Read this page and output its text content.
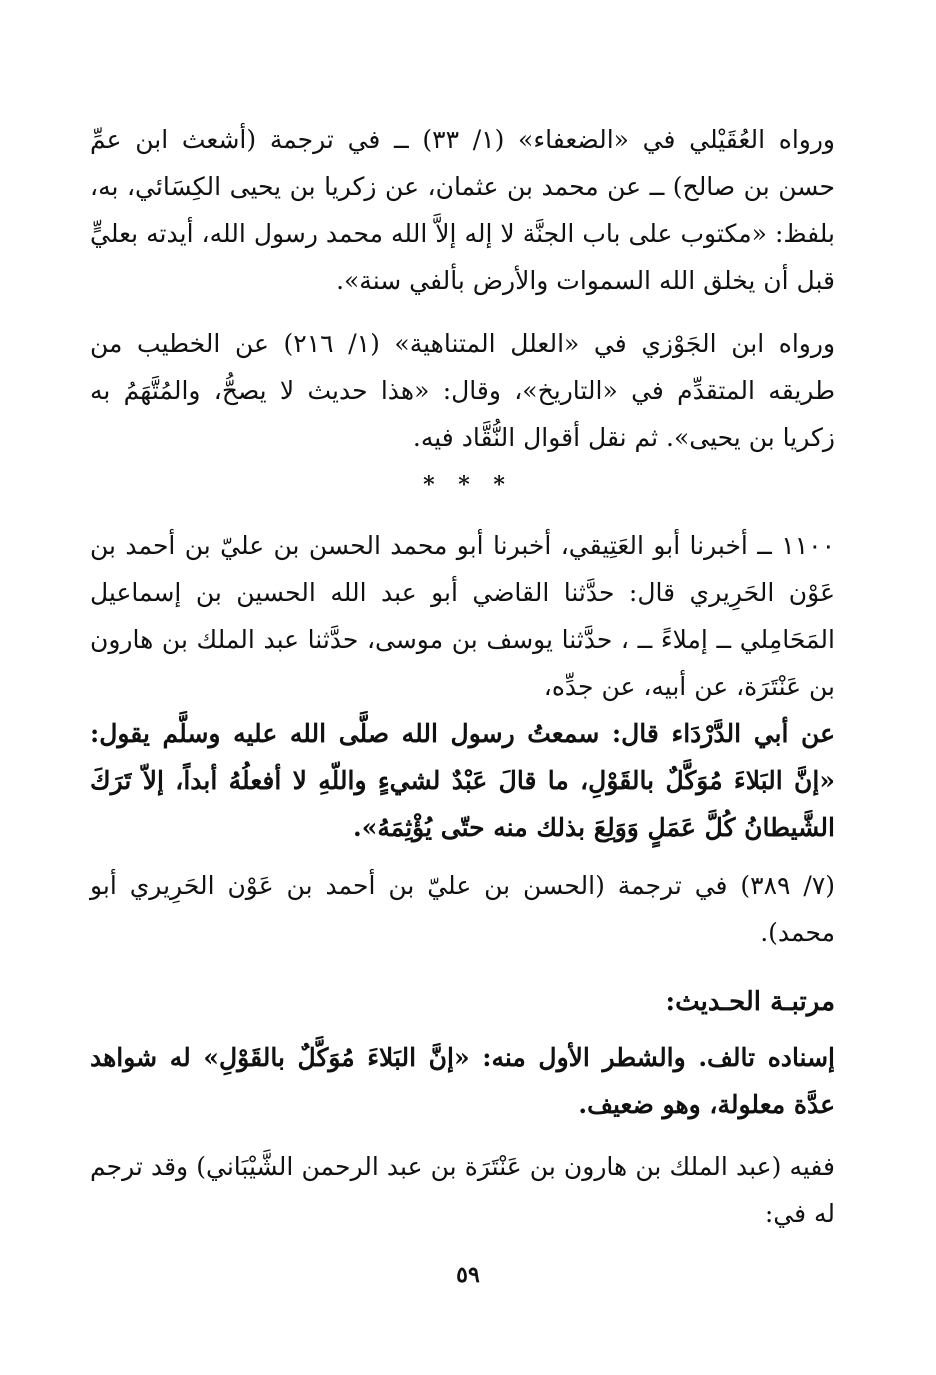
ورواه العُقَيْلي في «الضعفاء» (١/ ٣٣) ــ في ترجمة (أشعث ابن عمِّ حسن بن صالح) ــ عن محمد بن عثمان، عن زكريا بن يحيى الكِسَائي، به، بلفظ: «مكتوب على باب الجنَّة لا إله إلاَّ الله محمد رسول الله، أيدته بعليٍّ قبل أن يخلق الله السموات والأرض بألفي سنة».

ورواه ابن الجَوْزي في «العلل المتناهية» (١/ ٢١٦) عن الخطيب من طريقه المتقدِّم في «التاريخ»، وقال: «هذا حديث لا يصحُّ، والمُتَّهَمُ به زكريا بن يحيى». ثم نقل أقوال النُّقَّاد فيه.

* * *

١١٠٠ ــ أخبرنا أبو العَتِيقي، أخبرنا أبو محمد الحسن بن عليّ بن أحمد بن عَوْن الحَرِيري قال: حدَّثنا القاضي أبو عبد الله الحسين بن إسماعيل المَحَامِلي ــ إملاءً ــ ، حدَّثنا يوسف بن موسى، حدَّثنا عبد الملك بن هارون بن عَنْتَرَة، عن أبيه، عن جدِّه،

عن أبي الدَّرْدَاء قال: سمعتُ رسول الله صلَّى الله عليه وسلَّم يقول: «إنَّ البَلاءَ مُوَكَّلٌ بالقَوْلِ، ما قالَ عَبْدٌ لشيءٍ واللّهِ لا أفعلُهُ أبداً، إلاّ تَرَكَ الشَّيطانُ كُلَّ عَمَلٍ وَوَلِعَ بذلك منه حتّى يُؤْثِمَهُ».

(٧/ ٣٨٩) في ترجمة (الحسن بن عليّ بن أحمد بن عَوْن الحَرِيري أبو محمد).

مرتبـة الحـديث:

إسناده تالف. والشطر الأول منه: «إنَّ البَلاءَ مُوَكَّلٌ بالقَوْلِ» له شواهد عدَّة معلولة، وهو ضعيف.

ففيه (عبد الملك بن هارون بن عَنْتَرَة بن عبد الرحمن الشَّيْبَاني) وقد ترجم له في:

٥٩
